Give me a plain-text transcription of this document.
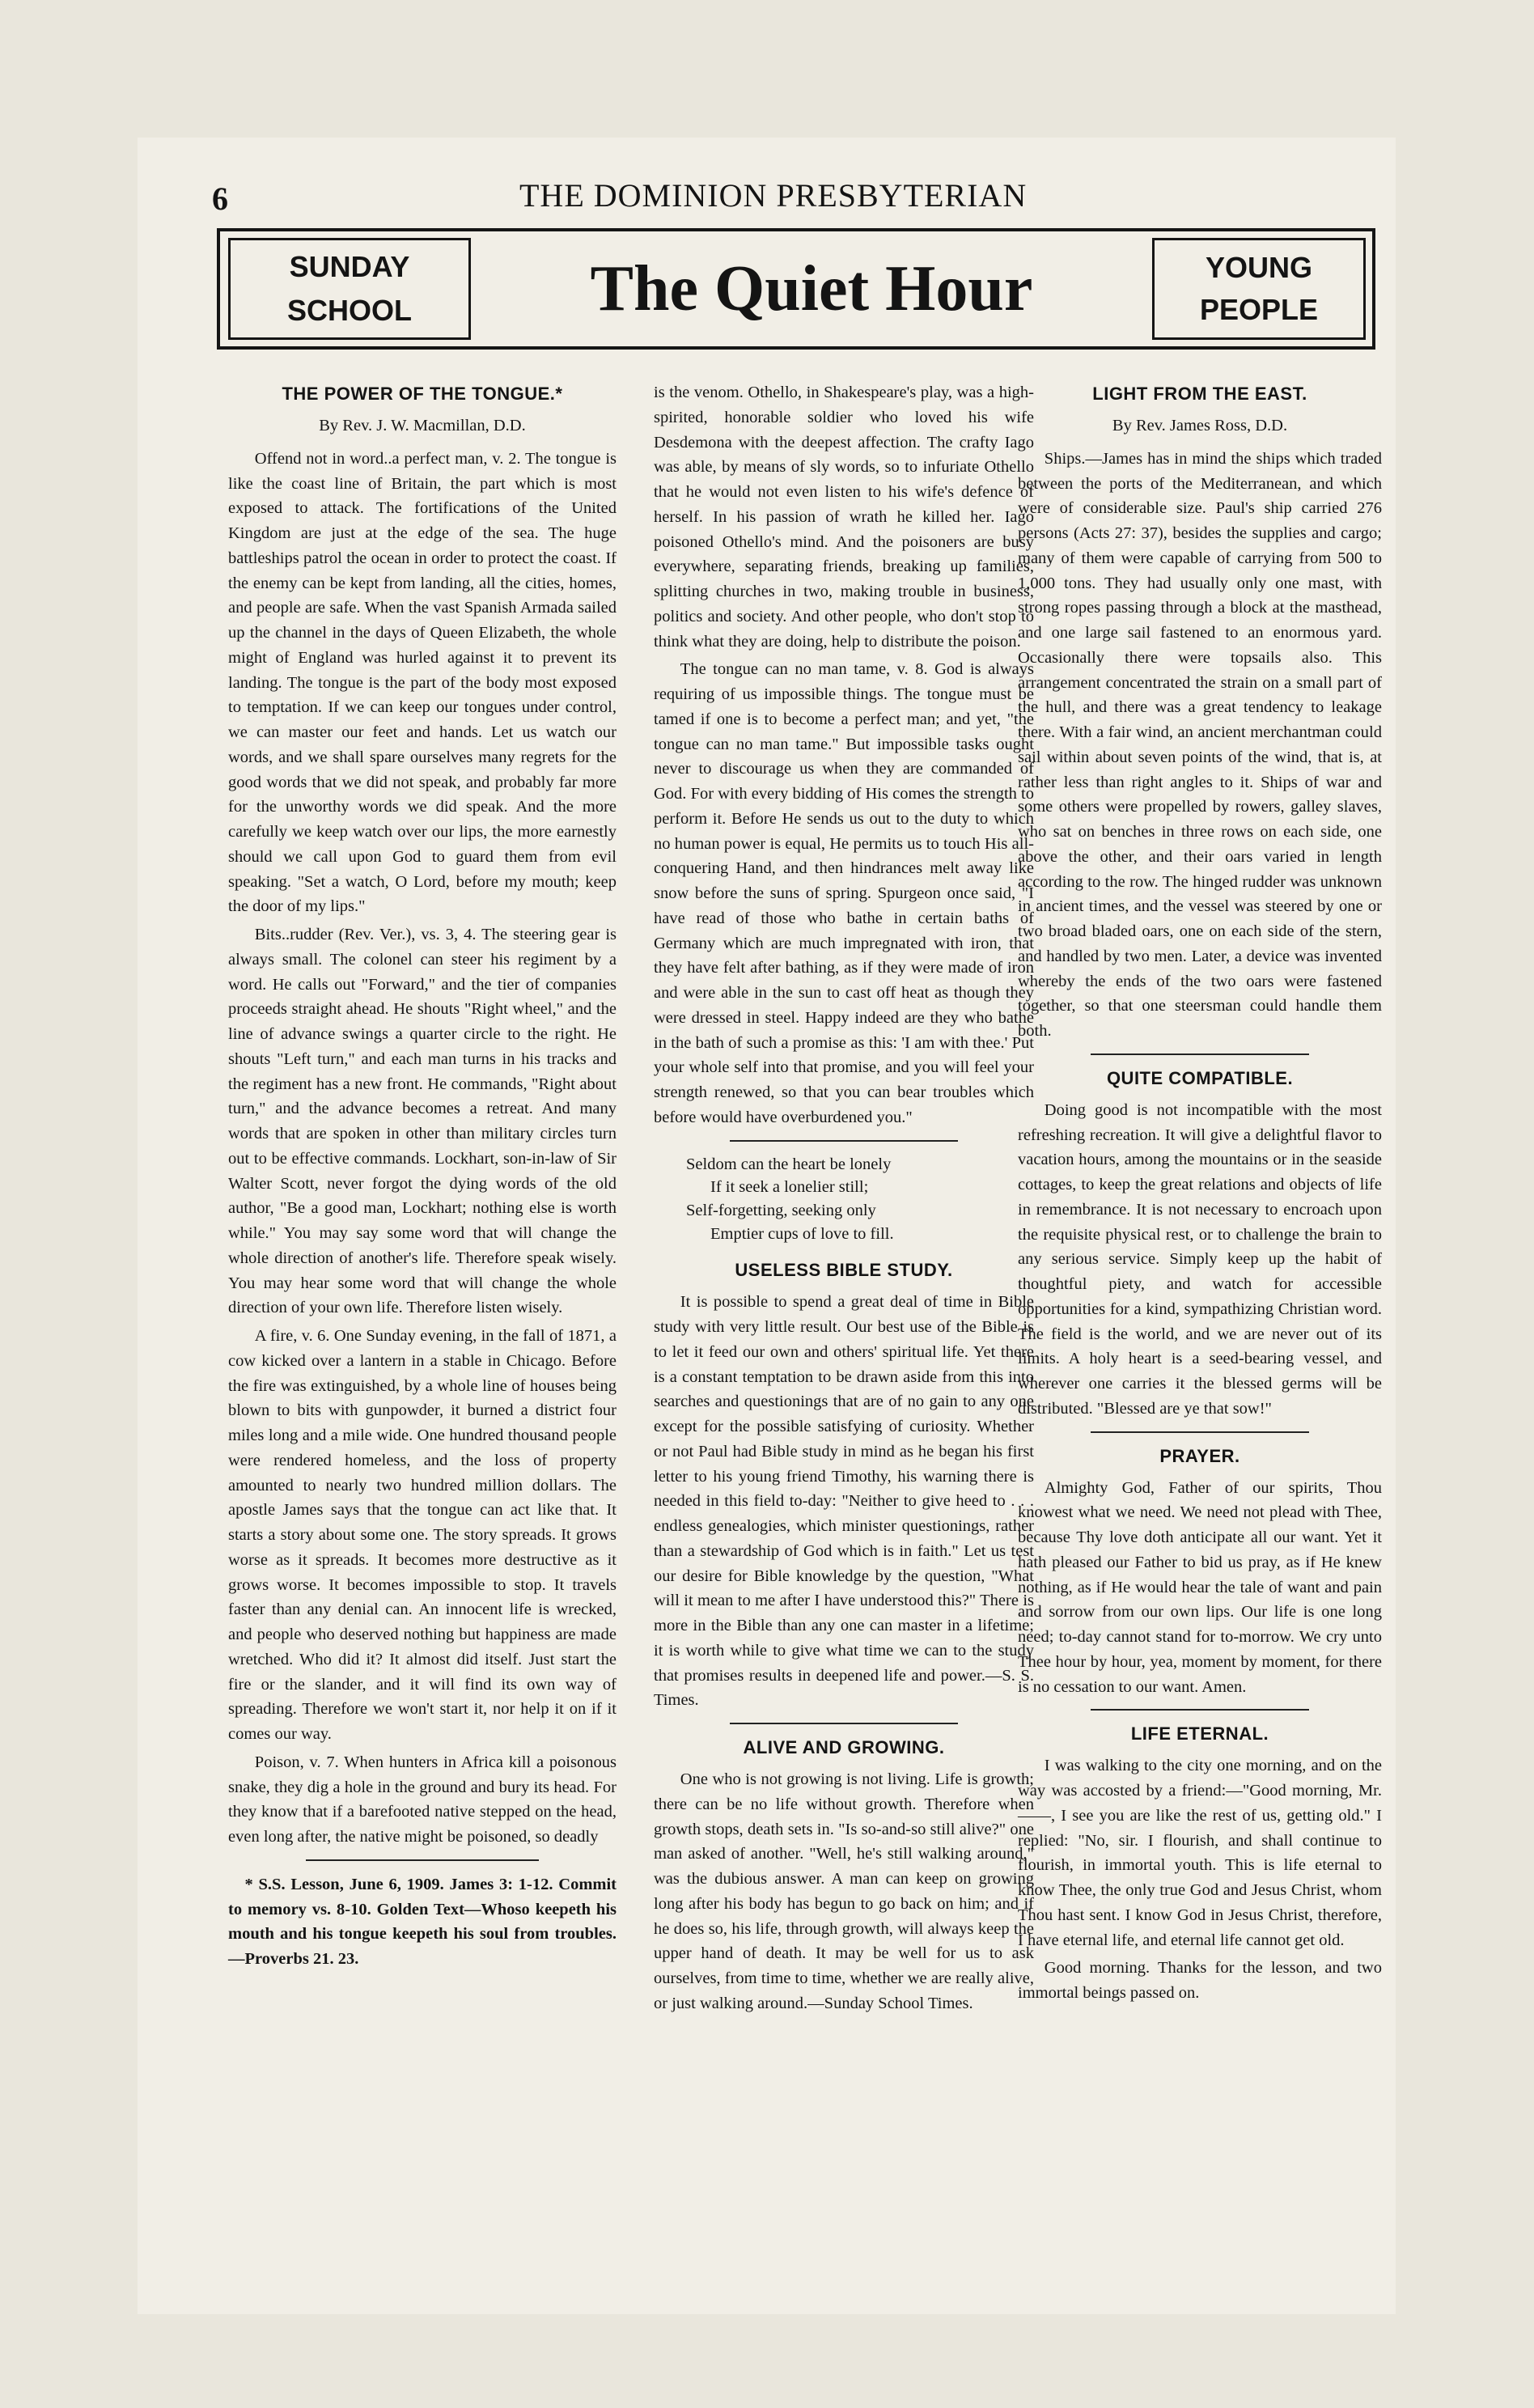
6	THE DOMINION PRESBYTERIAN
SUNDAY
SCHOOL	The Quiet Hour	YOUNG
PEOPLE
THE POWER OF THE TONGUE.*
By Rev. J. W. Macmillan, D.D.

Offend not in word..a perfect man, v. 2. The tongue is like the coast line of Britain, the part which is most exposed to attack. The fortifications of the United Kingdom are just at the edge of the sea. The huge battleships patrol the ocean in order to protect the coast. If the enemy can be kept from landing, all the cities, homes, and people are safe. When the vast Spanish Armada sailed up the channel in the days of Queen Elizabeth, the whole might of England was hurled against it to prevent its landing. The tongue is the part of the body most exposed to temptation. If we can keep our tongues under control, we can master our feet and hands. Let us watch our words, and we shall spare ourselves many regrets for the good words that we did not speak, and probably far more for the unworthy words we did speak. And the more carefully we keep watch over our lips, the more earnestly should we call upon God to guard them from evil speaking. "Set a watch, O Lord, before my mouth; keep the door of my lips."

Bits..rudder (Rev. Ver.), vs. 3, 4. The steering gear is always small. The colonel can steer his regiment by a word. He calls out "Forward," and the tier of companies proceeds straight ahead. He shouts "Right wheel," and the line of advance swings a quarter circle to the right. He shouts "Left turn," and each man turns in his tracks and the regiment has a new front. He commands, "Right about turn," and the advance becomes a retreat. And many words that are spoken in other than military circles turn out to be effective commands. Lockhart, son-in-law of Sir Walter Scott, never forgot the dying words of the old author, "Be a good man, Lockhart; nothing else is worth while." You may say some word that will change the whole direction of another's life. Therefore speak wisely. You may hear some word that will change the whole direction of your own life. Therefore listen wisely.

A fire, v. 6. One Sunday evening, in the fall of 1871, a cow kicked over a lantern in a stable in Chicago. Before the fire was extinguished, by a whole line of houses being blown to bits with gunpowder, it burned a district four miles long and a mile wide. One hundred thousand people were rendered homeless, and the loss of property amounted to nearly two hundred million dollars. The apostle James says that the tongue can act like that. It starts a story about some one. The story spreads. It grows worse as it spreads. It becomes more destructive as it grows worse. It becomes impossible to stop. It travels faster than any denial can. An innocent life is wrecked, and people who deserved nothing but happiness are made wretched. Who did it? It almost did itself. Just start the fire or the slander, and it will find its own way of spreading. Therefore we won't start it, nor help it on if it comes our way.

Poison, v. 7. When hunters in Africa kill a poisonous snake, they dig a hole in the ground and bury its head. For they know that if a barefooted native stepped on the head, even long after, the native might be poisoned, so deadly

* S.S. Lesson, June 6, 1909. James 3: 1-12. Commit to memory vs. 8-10. Golden Text—Whoso keepeth his mouth and his tongue keepeth his soul from troubles.—Proverbs 21. 23.

is the venom. Othello, in Shakespeare's play, was a high-spirited, honorable soldier who loved his wife Desdemona with the deepest affection. The crafty Iago was able, by means of sly words, so to infuriate Othello that he would not even listen to his wife's defence of herself. In his passion of wrath he killed her. Iago poisoned Othello's mind. And the poisoners are busy everywhere, separating friends, breaking up families, splitting churches in two, making trouble in business, politics and society. And other people, who don't stop to think what they are doing, help to distribute the poison.

The tongue can no man tame, v. 8. God is always requiring of us impossible things. The tongue must be tamed if one is to become a perfect man; and yet, "the tongue can no man tame." But impossible tasks ought never to discourage us when they are commanded of God. For with every bidding of His comes the strength to perform it. Before He sends us out to the duty to which no human power is equal, He permits us to touch His all-conquering Hand, and then hindrances melt away like snow before the suns of spring. Spurgeon once said, "I have read of those who bathe in certain baths of Germany which are much impregnated with iron, that they have felt after bathing, as if they were made of iron and were able in the sun to cast off heat as though they were dressed in steel. Happy indeed are they who bathe in the bath of such a promise as this: 'I am with thee.' Put your whole self into that promise, and you will feel your strength renewed, so that you can bear troubles which before would have overburdened you."

Seldom can the heart be lonely
If it seek a lonelier still;
Self-forgetting, seeking only
Emptier cups of love to fill.
USELESS BIBLE STUDY.

It is possible to spend a great deal of time in Bible study with very little result. Our best use of the Bible is to let it feed our own and others' spiritual life. Yet there is a constant temptation to be drawn aside from this into searches and questionings that are of no gain to any one except for the possible satisfying of curiosity. Whether or not Paul had Bible study in mind as he began his first letter to his young friend Timothy, his warning there is needed in this field to-day: "Neither to give heed to . . . endless genealogies, which minister questionings, rather than a stewardship of God which is in faith." Let us test our desire for Bible knowledge by the question, "What will it mean to me after I have understood this?" There is more in the Bible than any one can master in a lifetime; it is worth while to give what time we can to the study that promises results in deepened life and power.—S. S. Times.

ALIVE AND GROWING.

One who is not growing is not living. Life is growth; there can be no life without growth. Therefore when growth stops, death sets in. "Is so-and-so still alive?" one man asked of another. "Well, he's still walking around," was the dubious answer. A man can keep on growing long after his body has begun to go back on him; and if he does so, his life, through growth, will always keep the upper hand of death. It may be well for us to ask ourselves, from time to time, whether we are really alive, or just walking around.—Sunday School Times.

LIGHT FROM THE EAST.
By Rev. James Ross, D.D.

Ships.—James has in mind the ships which traded between the ports of the Mediterranean, and which were of considerable size. Paul's ship carried 276 persons (Acts 27: 37), besides the supplies and cargo; many of them were capable of carrying from 500 to 1,000 tons. They had usually only one mast, with strong ropes passing through a block at the masthead, and one large sail fastened to an enormous yard. Occasionally there were topsails also. This arrangement concentrated the strain on a small part of the hull, and there was a great tendency to leakage there. With a fair wind, an ancient merchantman could sail within about seven points of the wind, that is, at rather less than right angles to it. Ships of war and some others were propelled by rowers, galley slaves, who sat on benches in three rows on each side, one above the other, and their oars varied in length according to the row. The hinged rudder was unknown in ancient times, and the vessel was steered by one or two broad bladed oars, one on each side of the stern, and handled by two men. Later, a device was invented whereby the ends of the two oars were fastened together, so that one steersman could handle them both.

QUITE COMPATIBLE.

Doing good is not incompatible with the most refreshing recreation. It will give a delightful flavor to vacation hours, among the mountains or in the seaside cottages, to keep the great relations and objects of life in remembrance. It is not necessary to encroach upon the requisite physical rest, or to challenge the brain to any serious service. Simply keep up the habit of thoughtful piety, and watch for accessible opportunities for a kind, sympathizing Christian word. The field is the world, and we are never out of its limits. A holy heart is a seed-bearing vessel, and wherever one carries it the blessed germs will be distributed. "Blessed are ye that sow!"

PRAYER.

Almighty God, Father of our spirits, Thou knowest what we need. We need not plead with Thee, because Thy love doth anticipate all our want. Yet it hath pleased our Father to bid us pray, as if He knew nothing, as if He would hear the tale of want and pain and sorrow from our own lips. Our life is one long need; to-day cannot stand for to-morrow. We cry unto Thee hour by hour, yea, moment by moment, for there is no cessation to our want. Amen.

LIFE ETERNAL.

I was walking to the city one morning, and on the way was accosted by a friend:—"Good morning, Mr. ——, I see you are like the rest of us, getting old." I replied: "No, sir. I flourish, and shall continue to flourish, in immortal youth. This is life eternal to know Thee, the only true God and Jesus Christ, whom Thou hast sent. I know God in Jesus Christ, therefore, I have eternal life, and eternal life cannot get old.

Good morning. Thanks for the lesson, and two immortal beings passed on.
